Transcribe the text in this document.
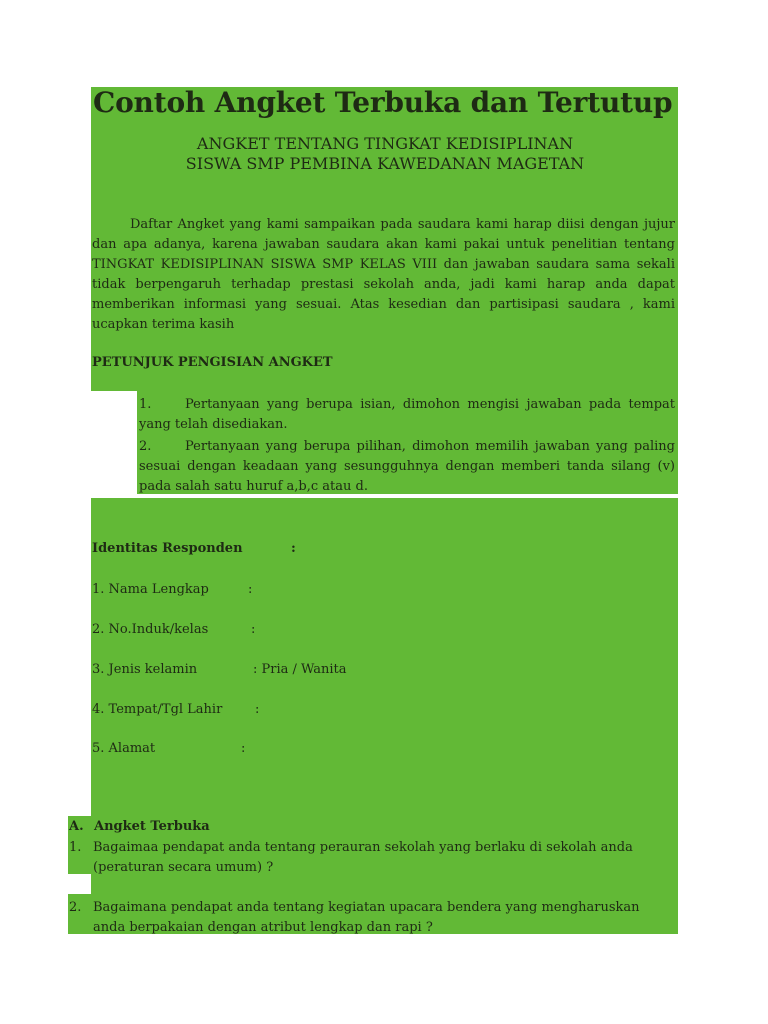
Contoh Angket Terbuka dan Tertutup
ANGKET TENTANG TINGKAT KEDISIPLINAN
SISWA SMP PEMBINA KAWEDANAN MAGETAN

Daftar Angket yang kami sampaikan pada saudara kami harap diisi dengan jujur dan apa adanya, karena jawaban saudara akan kami pakai untuk penelitian tentang TINGKAT KEDISIPLINAN SISWA SMP KELAS VIII dan jawaban saudara sama sekali tidak berpengaruh terhadap prestasi sekolah anda, jadi kami harap anda dapat memberikan informasi yang sesuai. Atas kesedian dan partisipasi saudara , kami ucapkan terima kasih

PETUNJUK PENGISIAN ANGKET
1.	Pertanyaan yang berupa isian, dimohon mengisi jawaban pada tempat yang telah disediakan.
2.	Pertanyaan yang berupa pilihan, dimohon memilih jawaban yang paling sesuai dengan keadaan yang sesungguhnya dengan memberi tanda silang (v) pada salah satu huruf a,b,c atau d.
Identitas Responden	:
1. Nama Lengkap	:
2. No.Induk/kelas	:
3. Jenis kelamin	: Pria / Wanita
4. Tempat/Tgl Lahir	:
5. Alamat	:
A. Angket Terbuka
1. Bagaimaa pendapat anda tentang perauran sekolah yang berlaku di sekolah anda (peraturan secara umum) ?
2. Bagaimana pendapat anda tentang kegiatan upacara bendera yang mengharuskan anda berpakaian dengan atribut lengkap dan rapi ?
